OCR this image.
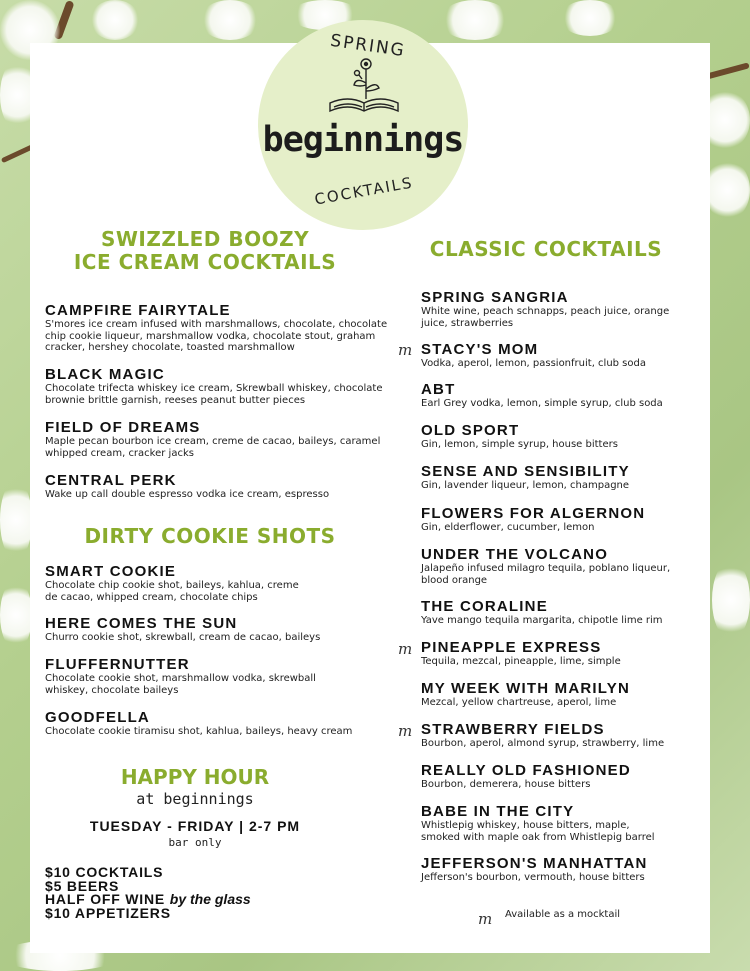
SPRING
beginnings
COCKTAILS
SWIZZLED BOOZY
ICE CREAM COCKTAILS
CAMPFIRE FAIRYTALE
S'mores ice cream infused with marshmallows, chocolate, chocolate chip cookie liqueur, marshmallow vodka, chocolate stout, graham cracker, hershey chocolate, toasted marshmallow
BLACK MAGIC
Chocolate trifecta whiskey ice cream, Skrewball whiskey, chocolate brownie brittle garnish, reeses peanut butter pieces
FIELD OF DREAMS
Maple pecan bourbon ice cream, creme de cacao, baileys, caramel whipped cream, cracker jacks
CENTRAL PERK
Wake up call double espresso vodka ice cream, espresso
DIRTY COOKIE SHOTS
SMART COOKIE
Chocolate chip cookie shot, baileys, kahlua, creme de cacao, whipped cream, chocolate chips
HERE COMES THE SUN
Churro cookie shot, skrewball, cream de cacao, baileys
FLUFFERNUTTER
Chocolate cookie shot, marshmallow vodka, skrewball whiskey, chocolate baileys
GOODFELLA
Chocolate cookie tiramisu shot, kahlua, baileys, heavy cream
HAPPY HOUR
at beginnings
TUESDAY - FRIDAY | 2-7 PM
bar only
$10 COCKTAILS
$5 BEERS
HALF OFF WINE by the glass
$10 APPETIZERS
CLASSIC COCKTAILS
SPRING SANGRIA
White wine, peach schnapps, peach juice, orange juice, strawberries
m STACY'S MOM
Vodka, aperol, lemon, passionfruit, club soda
ABT
Earl Grey vodka, lemon, simple syrup, club soda
OLD SPORT
Gin, lemon, simple syrup, house bitters
SENSE AND SENSIBILITY
Gin, lavender liqueur, lemon, champagne
FLOWERS FOR ALGERNON
Gin, elderflower, cucumber, lemon
UNDER THE VOLCANO
Jalapeño infused milagro tequila, poblano liqueur, blood orange
THE CORALINE
Yave mango tequila margarita, chipotle lime rim
m PINEAPPLE EXPRESS
Tequila, mezcal, pineapple, lime, simple
MY WEEK WITH MARILYN
Mezcal, yellow chartreuse, aperol, lime
m STRAWBERRY FIELDS
Bourbon, aperol, almond syrup, strawberry, lime
REALLY OLD FASHIONED
Bourbon, demerera, house bitters
BABE IN THE CITY
Whistlepig whiskey, house bitters, maple, smoked with maple oak from Whistlepig barrel
JEFFERSON'S MANHATTAN
Jefferson's bourbon, vermouth, house bitters
m Available as a mocktail
